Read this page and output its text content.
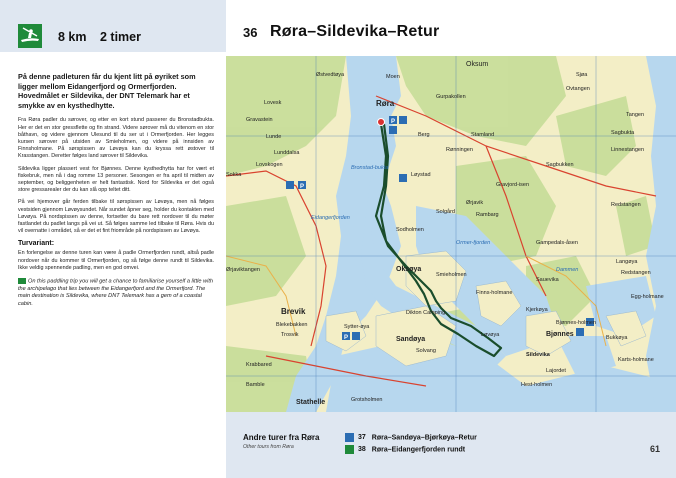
8 km 2 timer

På denne padleturen får du kjent litt på øyriket som ligger mellom Eidangerfjord og Ormerfjorden. Hovedmålet er Sildevika, der DNT Telemark har et smykke av en kysthedhytte.

Fra Røra padler du sørover, og etter en kort stund passerer du Bronstadbukta. Her er det en stor gressflette og fin strand. Videre sørover må du vitenom en stor båthavn, og videre gjennom Ulesund til du ser ut i Ormerfjorden. Her legges kursen sørover på utsiden av Smieholmen, og videre på innsiden av Finnsholmane. På sørspissen av Løvøya kan du kryssa rett østover til Krasstangen. Deretter følges land sørover til Sildevika.

Sildevika ligger plassert vest for Bjønnes. Denne kysthedhytta har for vært et fiskebruk, men nå i dag romme 13 personer. Sesongen er fra april til midten av september, og beliggenheten er helt fantastisk. Nord for Sildevika er det også store gressarealer der du kan slå opp teltet ditt.

På vei hjemover går ferden tilbake til sørspissen av Løvøya, men nå følges vestsiden gjennom Løvøysundet. Når sundet åpner seg, holder du kontakten med Løvøya. På nordspissen av denne, fortsetter du bare rett nordover til du møter fastlandet du padlet langs på vei ut. Så følges samme led tilbake til Røra. Hvis du vil overnatte i området, så er det et fint friområde på nordspissen av Løvøya.

Turvariant:

En forlengelse av denne turen kan være å padle Ormerfjorden rundt, altså padle nordover når du kommer til Ormerfjorden, og så følge denne rundt til Sildevika. Ikke veldig spennende padling, men en god omvei.

On this paddling trip you will get a chance to familiarise yourself a little with the archipelago that lies between the Eidangerfjord and the Ormerfjord. The main destination is Sildevika, where DNT Telemark has a gem of a coastal cabin.

36 Røra–Sildevika–Retur
P
P
P
Østvedtøya	Moen
Røra
Oksum
Gurpakollen
Berg	Stamland
Rønningen
Gravastein
Lunde
Lunddalsa
Lovesk
Lovskogen
Sokka
Bronstad-bukta
Eidangerfjorden
Løystad
Gravjord-isen
Ørjavik
Solgård	Rambarg
Sodholmen
Ormer-fjorden
Oksøya
Smieholmen
Gampedals-åsen
Finns-holmane
Ørjaviktangen
Brevik
Blekebakken
Trosvik
Sytter-øya
Sandøya
Solvang
Dikton Camping
Løvøya
Sildevika
Bjønnes
Kjerkøya
Bjønnes-holmen
Egg-holmane
Bukkøya
Karts-holmane
Hest-holmen
Lajordet
Krabbared
Bamble
Stathelle	Grotsholmen
Tangen
Sagbukta
Linnestangen
Redstangen
Redstangen
Langøya
Dammen
Sauevika
Sagbukken
Ovtangen
Sjøa
Andre turer fra Røra
Other tours from Røra
37 Røra–Sandøya–Bjørkøya–Retur
38 Røra–Eidangerfjorden rundt	61
